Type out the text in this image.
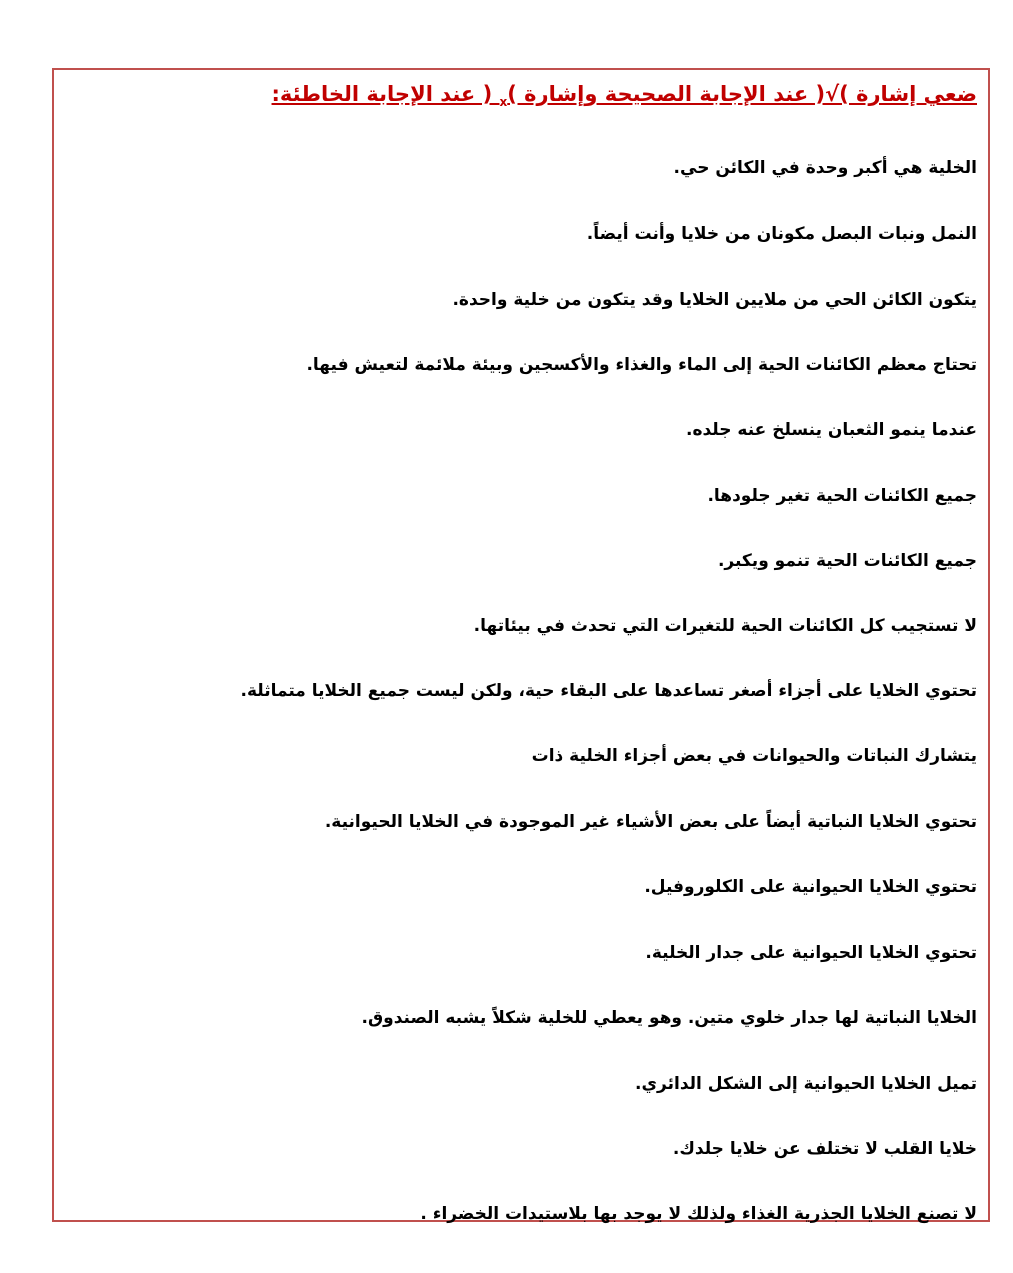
ضعي إشارة )√( عند الإجابة الصحيحة وإشارة )$_x$ ( عند الإجابة الخاطئة:
الخلية هي أكبر وحدة في الكائن حي.
النمل ونبات البصل مكونان من خلايا وأنت أيضاً.
يتكون الكائن الحي من ملايين الخلايا وقد يتكون من خلية واحدة.
تحتاج معظم الكائنات الحية إلى الماء والغذاء والأكسجين وبيئة ملائمة لتعيش فيها.
عندما ينمو الثعبان ينسلخ عنه جلده.
جميع الكائنات الحية تغير جلودها.
جميع الكائنات الحية تنمو ويكبر.
لا تستجيب كل الكائنات الحية للتغيرات التي تحدث في بيئاتها.
تحتوي الخلايا على أجزاء أصغر تساعدها على البقاء حية، ولكن ليست جميع الخلايا متماثلة.
يتشارك النباتات والحيوانات في بعض أجزاء الخلية ذات
تحتوي الخلايا النباتية أيضاً على بعض الأشياء غير الموجودة في الخلايا الحيوانية.
تحتوي الخلايا الحيوانية على الكلوروفيل.
تحتوي الخلايا الحيوانية على جدار الخلية.
الخلايا النباتية لها جدار خلوي متين. وهو يعطي للخلية شكلاً يشبه الصندوق.
تميل الخلايا الحيوانية إلى الشكل الدائري.
خلايا القلب لا تختلف عن خلايا جلدك.
لا تصنع الخلايا الجذرية الغذاء ولذلك لا يوجد بها بلاستيدات الخضراء .
